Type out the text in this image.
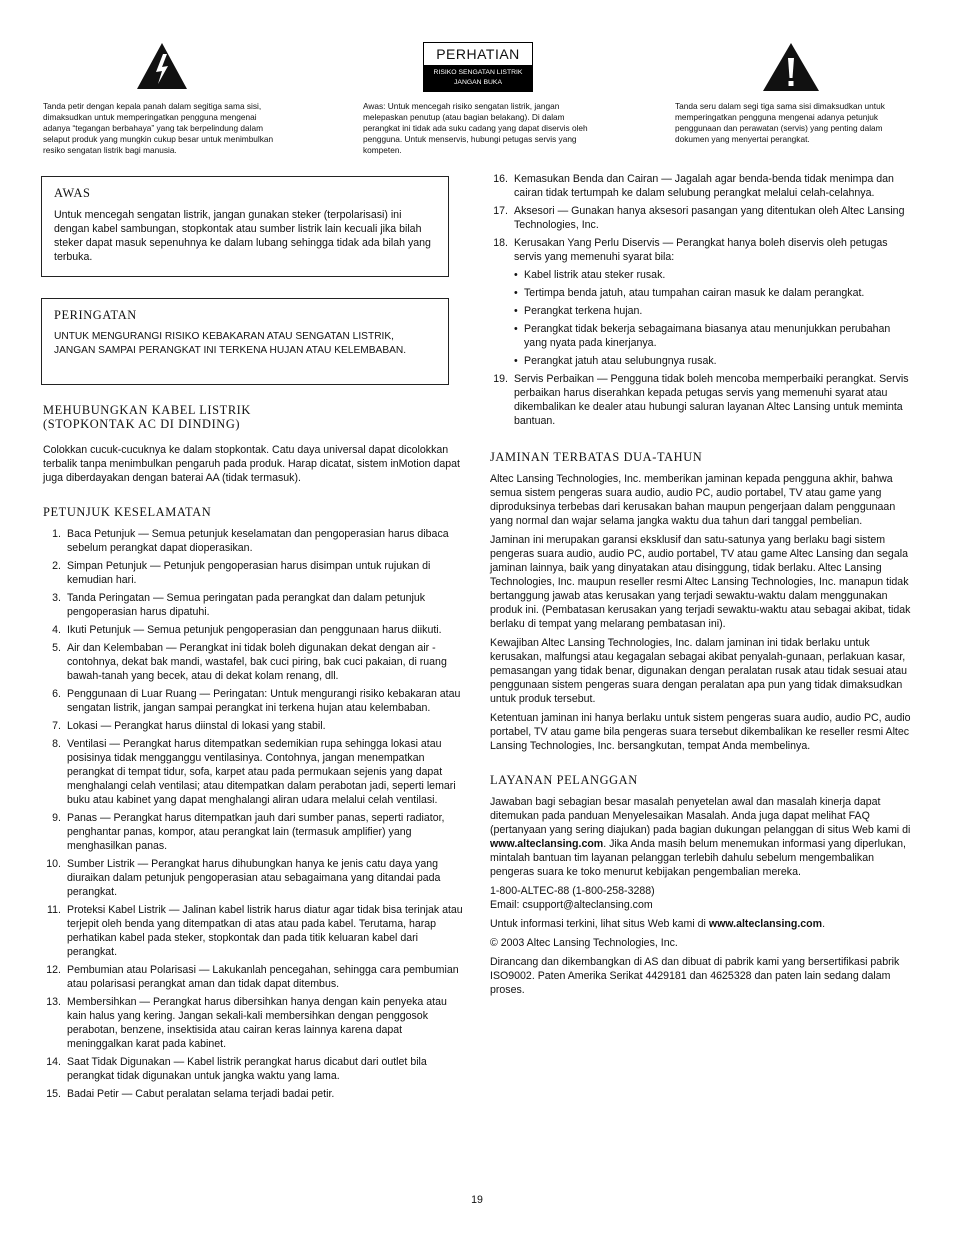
PERHATIAN
RISIKO SENGATAN LISTRIK
JANGAN BUKA
Tanda petir dengan kepala panah dalam segitiga sama sisi, dimaksudkan untuk memperingatkan pengguna mengenai adanya “tegangan berbahaya” yang tak berpelindung dalam selaput produk yang mungkin cukup besar untuk menimbulkan resiko sengatan listrik bagi manusia.
Awas: Untuk mencegah risiko sengatan listrik, jangan melepaskan penutup (atau bagian belakang). Di dalam perangkat ini tidak ada suku cadang yang dapat diservis oleh pengguna. Untuk menservis, hubungi petugas servis yang kompeten.
Tanda seru dalam segi tiga sama sisi dimaksudkan untuk memperingatkan pengguna mengenai adanya petunjuk penggunaan dan perawatan (servis) yang penting dalam dokumen yang menyertai perangkat.
AWAS
Untuk mencegah sengatan listrik, jangan gunakan steker (terpolarisasi) ini dengan kabel sambungan, stopkontak atau sumber listrik lain kecuali jika bilah steker dapat masuk sepenuhnya ke dalam lubang sehingga tidak ada bilah yang terbuka.
PERINGATAN
UNTUK MENGURANGI RISIKO KEBAKARAN ATAU SENGATAN LISTRIK, JANGAN SAMPAI PERANGKAT INI TERKENA HUJAN ATAU KELEMBABAN.
MEHUBUNGKAN KABEL LISTRIK
(STOPKONTAK AC DI DINDING)
Colokkan cucuk-cucuknya ke dalam stopkontak. Catu daya universal dapat dicolokkan terbalik tanpa menimbulkan pengaruh pada produk. Harap dicatat, sistem inMotion dapat juga diberdayakan dengan baterai AA (tidak termasuk).
PETUNJUK KESELAMATAN
1. Baca Petunjuk — Semua petunjuk keselamatan dan pengoperasian harus dibaca sebelum perangkat dapat dioperasikan.
2. Simpan Petunjuk — Petunjuk pengoperasian harus disimpan untuk rujukan di kemudian hari.
3. Tanda Peringatan — Semua peringatan pada perangkat dan dalam petunjuk pengoperasian harus dipatuhi.
4. Ikuti Petunjuk — Semua petunjuk pengoperasian dan penggunaan harus diikuti.
5. Air dan Kelembaban — Perangkat ini tidak boleh digunakan dekat dengan air - contohnya, dekat bak mandi, wastafel, bak cuci piring, bak cuci pakaian, di ruang bawah-tanah yang becek, atau di dekat kolam renang, dll.
6. Penggunaan di Luar Ruang — Peringatan: Untuk mengurangi risiko kebakaran atau sengatan listrik, jangan sampai perangkat ini terkena hujan atau kelembaban.
7. Lokasi — Perangkat harus diinstal di lokasi yang stabil.
8. Ventilasi — Perangkat harus ditempatkan sedemikian rupa sehingga lokasi atau posisinya tidak mengganggu ventilasinya. Contohnya, jangan menempatkan perangkat di tempat tidur, sofa, karpet atau pada permukaan sejenis yang dapat menghalangi celah ventilasi; atau ditempatkan dalam perabotan jadi, seperti lemari buku atau kabinet yang dapat menghalangi aliran udara melalui celah ventilasi.
9. Panas — Perangkat harus ditempatkan jauh dari sumber panas, seperti radiator, penghantar panas, kompor, atau perangkat lain (termasuk amplifier) yang menghasilkan panas.
10. Sumber Listrik — Perangkat harus dihubungkan hanya ke jenis catu daya yang diuraikan dalam petunjuk pengoperasian atau sebagaimana yang ditandai pada perangkat.
11. Proteksi Kabel Listrik — Jalinan kabel listrik harus diatur agar tidak bisa terinjak atau terjepit oleh benda yang ditempatkan di atas atau pada kabel. Terutama, harap perhatikan kabel pada steker, stopkontak dan pada titik keluaran kabel dari perangkat.
12. Pembumian atau Polarisasi — Lakukanlah pencegahan, sehingga cara pembumian atau polarisasi perangkat aman dan tidak dapat ditembus.
13. Membersihkan — Perangkat harus dibersihkan hanya dengan kain penyeka atau kain halus yang kering. Jangan sekali-kali membersihkan dengan penggosok perabotan, benzene, insektisida atau cairan keras lainnya karena dapat meninggalkan karat pada kabinet.
14. Saat Tidak Digunakan — Kabel listrik perangkat harus dicabut dari outlet bila perangkat tidak digunakan untuk jangka waktu yang lama.
15. Badai Petir — Cabut peralatan selama terjadi badai petir.
16. Kemasukan Benda dan Cairan — Jagalah agar benda-benda tidak menimpa dan cairan tidak tertumpah ke dalam selubung perangkat melalui celah-celahnya.
17. Aksesori — Gunakan hanya aksesori pasangan yang ditentukan oleh Altec Lansing Technologies, Inc.
18. Kerusakan Yang Perlu Diservis — Perangkat hanya boleh diservis oleh petugas servis yang memenuhi syarat bila:
• Kabel listrik atau steker rusak.
• Tertimpa benda jatuh, atau tumpahan cairan masuk ke dalam perangkat.
• Perangkat terkena hujan.
• Perangkat tidak bekerja sebagaimana biasanya atau menunjukkan perubahan yang nyata pada kinerjanya.
• Perangkat jatuh atau selubungnya rusak.
19. Servis Perbaikan — Pengguna tidak boleh mencoba memperbaiki perangkat. Servis perbaikan harus diserahkan kepada petugas servis yang memenuhi syarat atau dikembalikan ke dealer atau hubungi saluran layanan Altec Lansing untuk meminta bantuan.
JAMINAN TERBATAS DUA-TAHUN

Altec Lansing Technologies, Inc. memberikan jaminan kepada pengguna akhir, bahwa semua sistem pengeras suara audio, audio PC, audio portabel, TV atau game yang diproduksinya terbebas dari kerusakan bahan maupun pengerjaan dalam penggunaan yang normal dan wajar selama jangka waktu dua tahun dari tanggal pembelian.

Jaminan ini merupakan garansi eksklusif dan satu-satunya yang berlaku bagi sistem pengeras suara audio, audio PC, audio portabel, TV atau game Altec Lansing dan segala jaminan lainnya, baik yang dinyatakan atau disinggung, tidak berlaku. Altec Lansing Technologies, Inc. maupun reseller resmi Altec Lansing Technologies, Inc. manapun tidak bertanggung jawab atas kerusakan yang terjadi sewaktu-waktu dalam menggunakan produk ini. (Pembatasan kerusakan yang terjadi sewaktu-waktu atau sebagai akibat, tidak berlaku di tempat yang melarang pembatasan ini).

Kewajiban Altec Lansing Technologies, Inc. dalam jaminan ini tidak berlaku untuk kerusakan, malfungsi atau kegagalan sebagai akibat penyalah-gunaan, perlakuan kasar, pemasangan yang tidak benar, digunakan dengan peralatan rusak atau tidak sesuai atau penggunaan sistem pengeras suara dengan peralatan apa pun yang tidak dimaksudkan untuk produk tersebut.

Ketentuan jaminan ini hanya berlaku untuk sistem pengeras suara audio, audio PC, audio portabel, TV atau game bila pengeras suara tersebut dikembalikan ke reseller resmi Altec Lansing Technologies, Inc. bersangkutan, tempat Anda membelinya.

LAYANAN PELANGGAN

Jawaban bagi sebagian besar masalah penyetelan awal dan masalah kinerja dapat ditemukan pada panduan Menyelesaikan Masalah. Anda juga dapat melihat FAQ (pertanyaan yang sering diajukan) pada bagian dukungan pelanggan di situs Web kami di www.alteclansing.com. Jika Anda masih belum menemukan informasi yang diperlukan, mintalah bantuan tim layanan pelanggan terlebih dahulu sebelum mengembalikan pengeras suara ke toko menurut kebijakan pengembalian mereka.

1-800-ALTEC-88 (1-800-258-3288)
Email: csupport@alteclansing.com

Untuk informasi terkini, lihat situs Web kami di www.alteclansing.com.

© 2003 Altec Lansing Technologies, Inc.

Dirancang dan dikembangkan di AS dan dibuat di pabrik kami yang bersertifikasi pabrik ISO9002. Paten Amerika Serikat 4429181 dan 4625328 dan paten lain sedang dalam proses.

19
